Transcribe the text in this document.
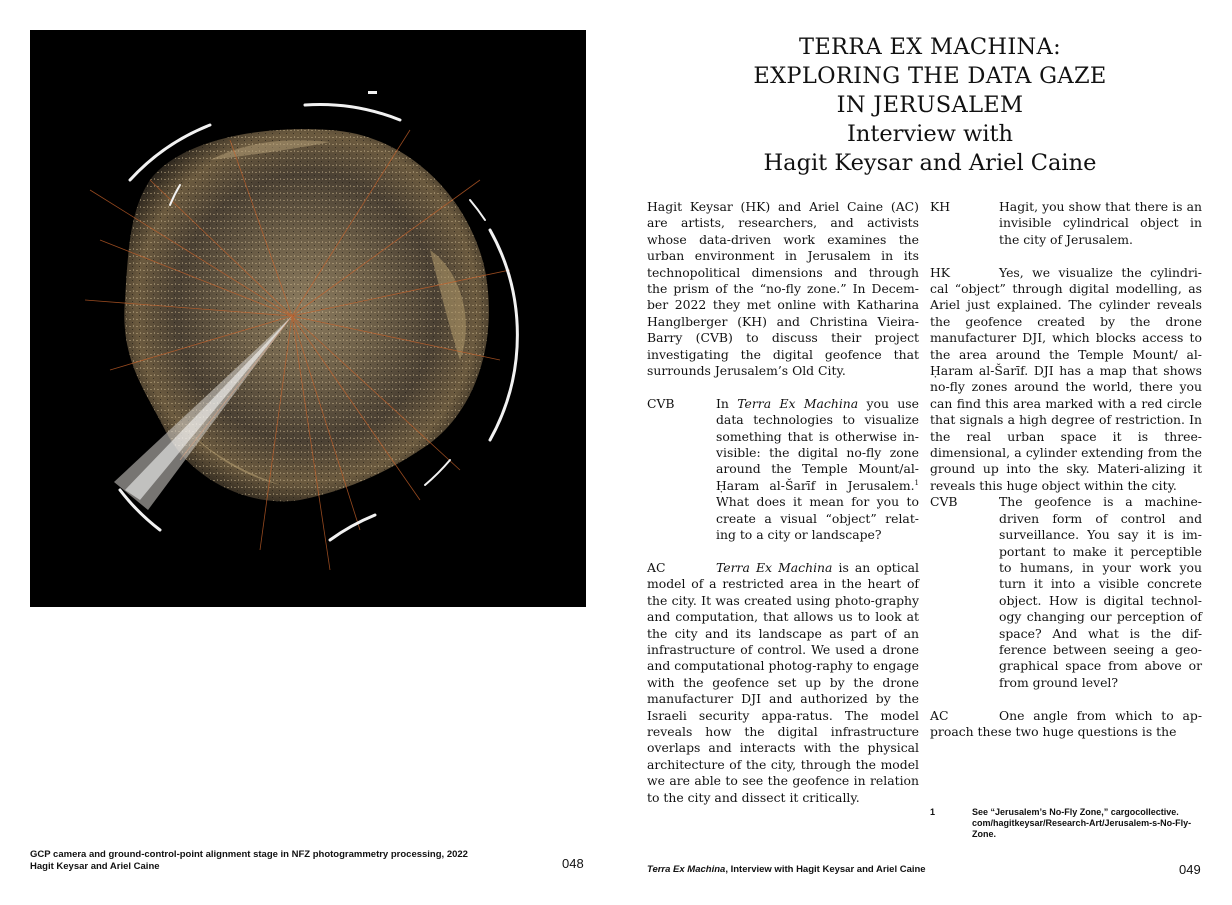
GCP camera and ground-control-point alignment stage in NFZ photogrammetry processing, 2022
Hagit Keysar and Ariel Caine	048
TERRA EX MACHINA:
EXPLORING THE DATA GAZE
IN JERUSALEM
Interview with
Hagit Keysar and Ariel Caine

Hagit Keysar (HK) and Ariel Caine (AC) are artists, researchers, and activists whose data-driven work examines the urban environment in Jerusalem in its technopolitical dimensions and through the prism of the “no-fly zone.” In Decem-ber 2022 they met online with Katharina Hanglberger (KH) and Christina Vieira-Barry (CVB) to discuss their project investigating the digital geofence that surrounds Jerusalem’s Old City.

CVB	In Terra Ex Machina you use data technologies to visualize something that is otherwise in-visible: the digital no-fly zone around the Temple Mount/al-Ḥaram al-Šarīf in Jerusalem.$^1$ What does it mean for you to create a visual “object” relat-ing to a city or landscape?

AC	Terra Ex Machina is an optical model of a restricted area in the heart of the city. It was created using photo-graphy and computation, that allows us to look at the city and its landscape as part of an infrastructure of control. We used a drone and computational photog-raphy to engage with the geofence set up by the drone manufacturer DJI and authorized by the Israeli security appa-ratus. The model reveals how the digital infrastructure overlaps and interacts with the physical architecture of the city, through the model we are able to see the geofence in relation to the city and dissect it critically.

KH	Hagit, you show that there is an invisible cylindrical object in the city of Jerusalem.

HK	Yes, we visualize the cylindri-cal “object” through digital modelling, as Ariel just explained. The cylinder reveals the geofence created by the drone manufacturer DJI, which blocks access to the area around the Temple Mount/ al-Ḥaram al-Šarīf. DJI has a map that shows no-fly zones around the world, there you can find this area marked with a red circle that signals a high degree of restriction. In the real urban space it is three-dimensional, a cylinder extending from the ground up into the sky. Materi-alizing it reveals this huge object within the city.

CVB	The geofence is a machine-driven form of control and surveillance. You say it is im-portant to make it perceptible to humans, in your work you turn it into a visible concrete object. How is digital technol-ogy changing our perception of space? And what is the dif-ference between seeing a geo-graphical space from above or from ground level?

AC	One angle from which to ap-proach these two huge questions is the

1	See “Jerusalem’s No-Fly Zone,” cargocollective. com/hagitkeysar/Research-Art/Jerusalem-s-No-Fly-Zone.
Terra Ex Machina, Interview with Hagit Keysar and Ariel Caine	049
